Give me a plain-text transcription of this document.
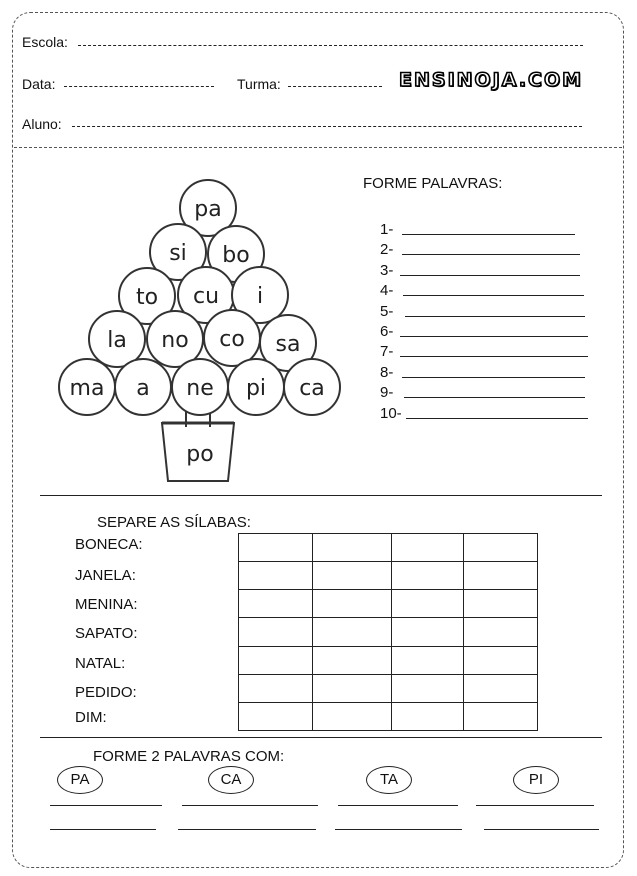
Escola:
Data:	Turma:	ENSINOJA.COM
Aluno:
pa
si bo
to cu i
la no co sa
ma a ne pi ca
po
FORME PALAVRAS:
1-
2-
3-
4-
5-
6-
7-
8-
9-
10-
SEPARE AS SÍLABAS:
BONECA:
JANELA:
MENINA:
SAPATO:
NATAL:
PEDIDO:
DIM:

FORME 2 PALAVRAS COM:
PA	CA	TA	PI
